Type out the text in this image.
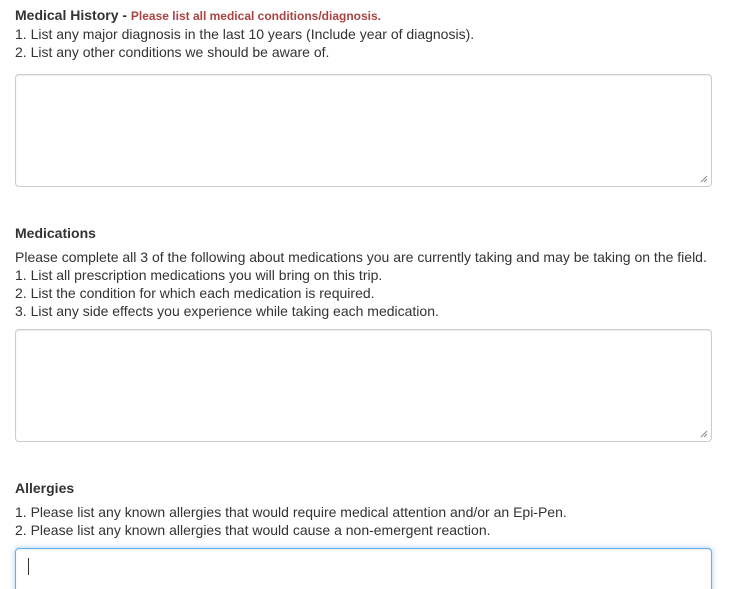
Medical History - Please list all medical conditions/diagnosis.

1. List any major diagnosis in the last 10 years (Include year of diagnosis).

2. List any other conditions we should be aware of.

Medications

Please complete all 3 of the following about medications you are currently taking and may be taking on the field.

1. List all prescription medications you will bring on this trip.

2. List the condition for which each medication is required.

3. List any side effects you experience while taking each medication.

Allergies

1. Please list any known allergies that would require medical attention and/or an Epi-Pen.

2. Please list any known allergies that would cause a non-emergent reaction.
